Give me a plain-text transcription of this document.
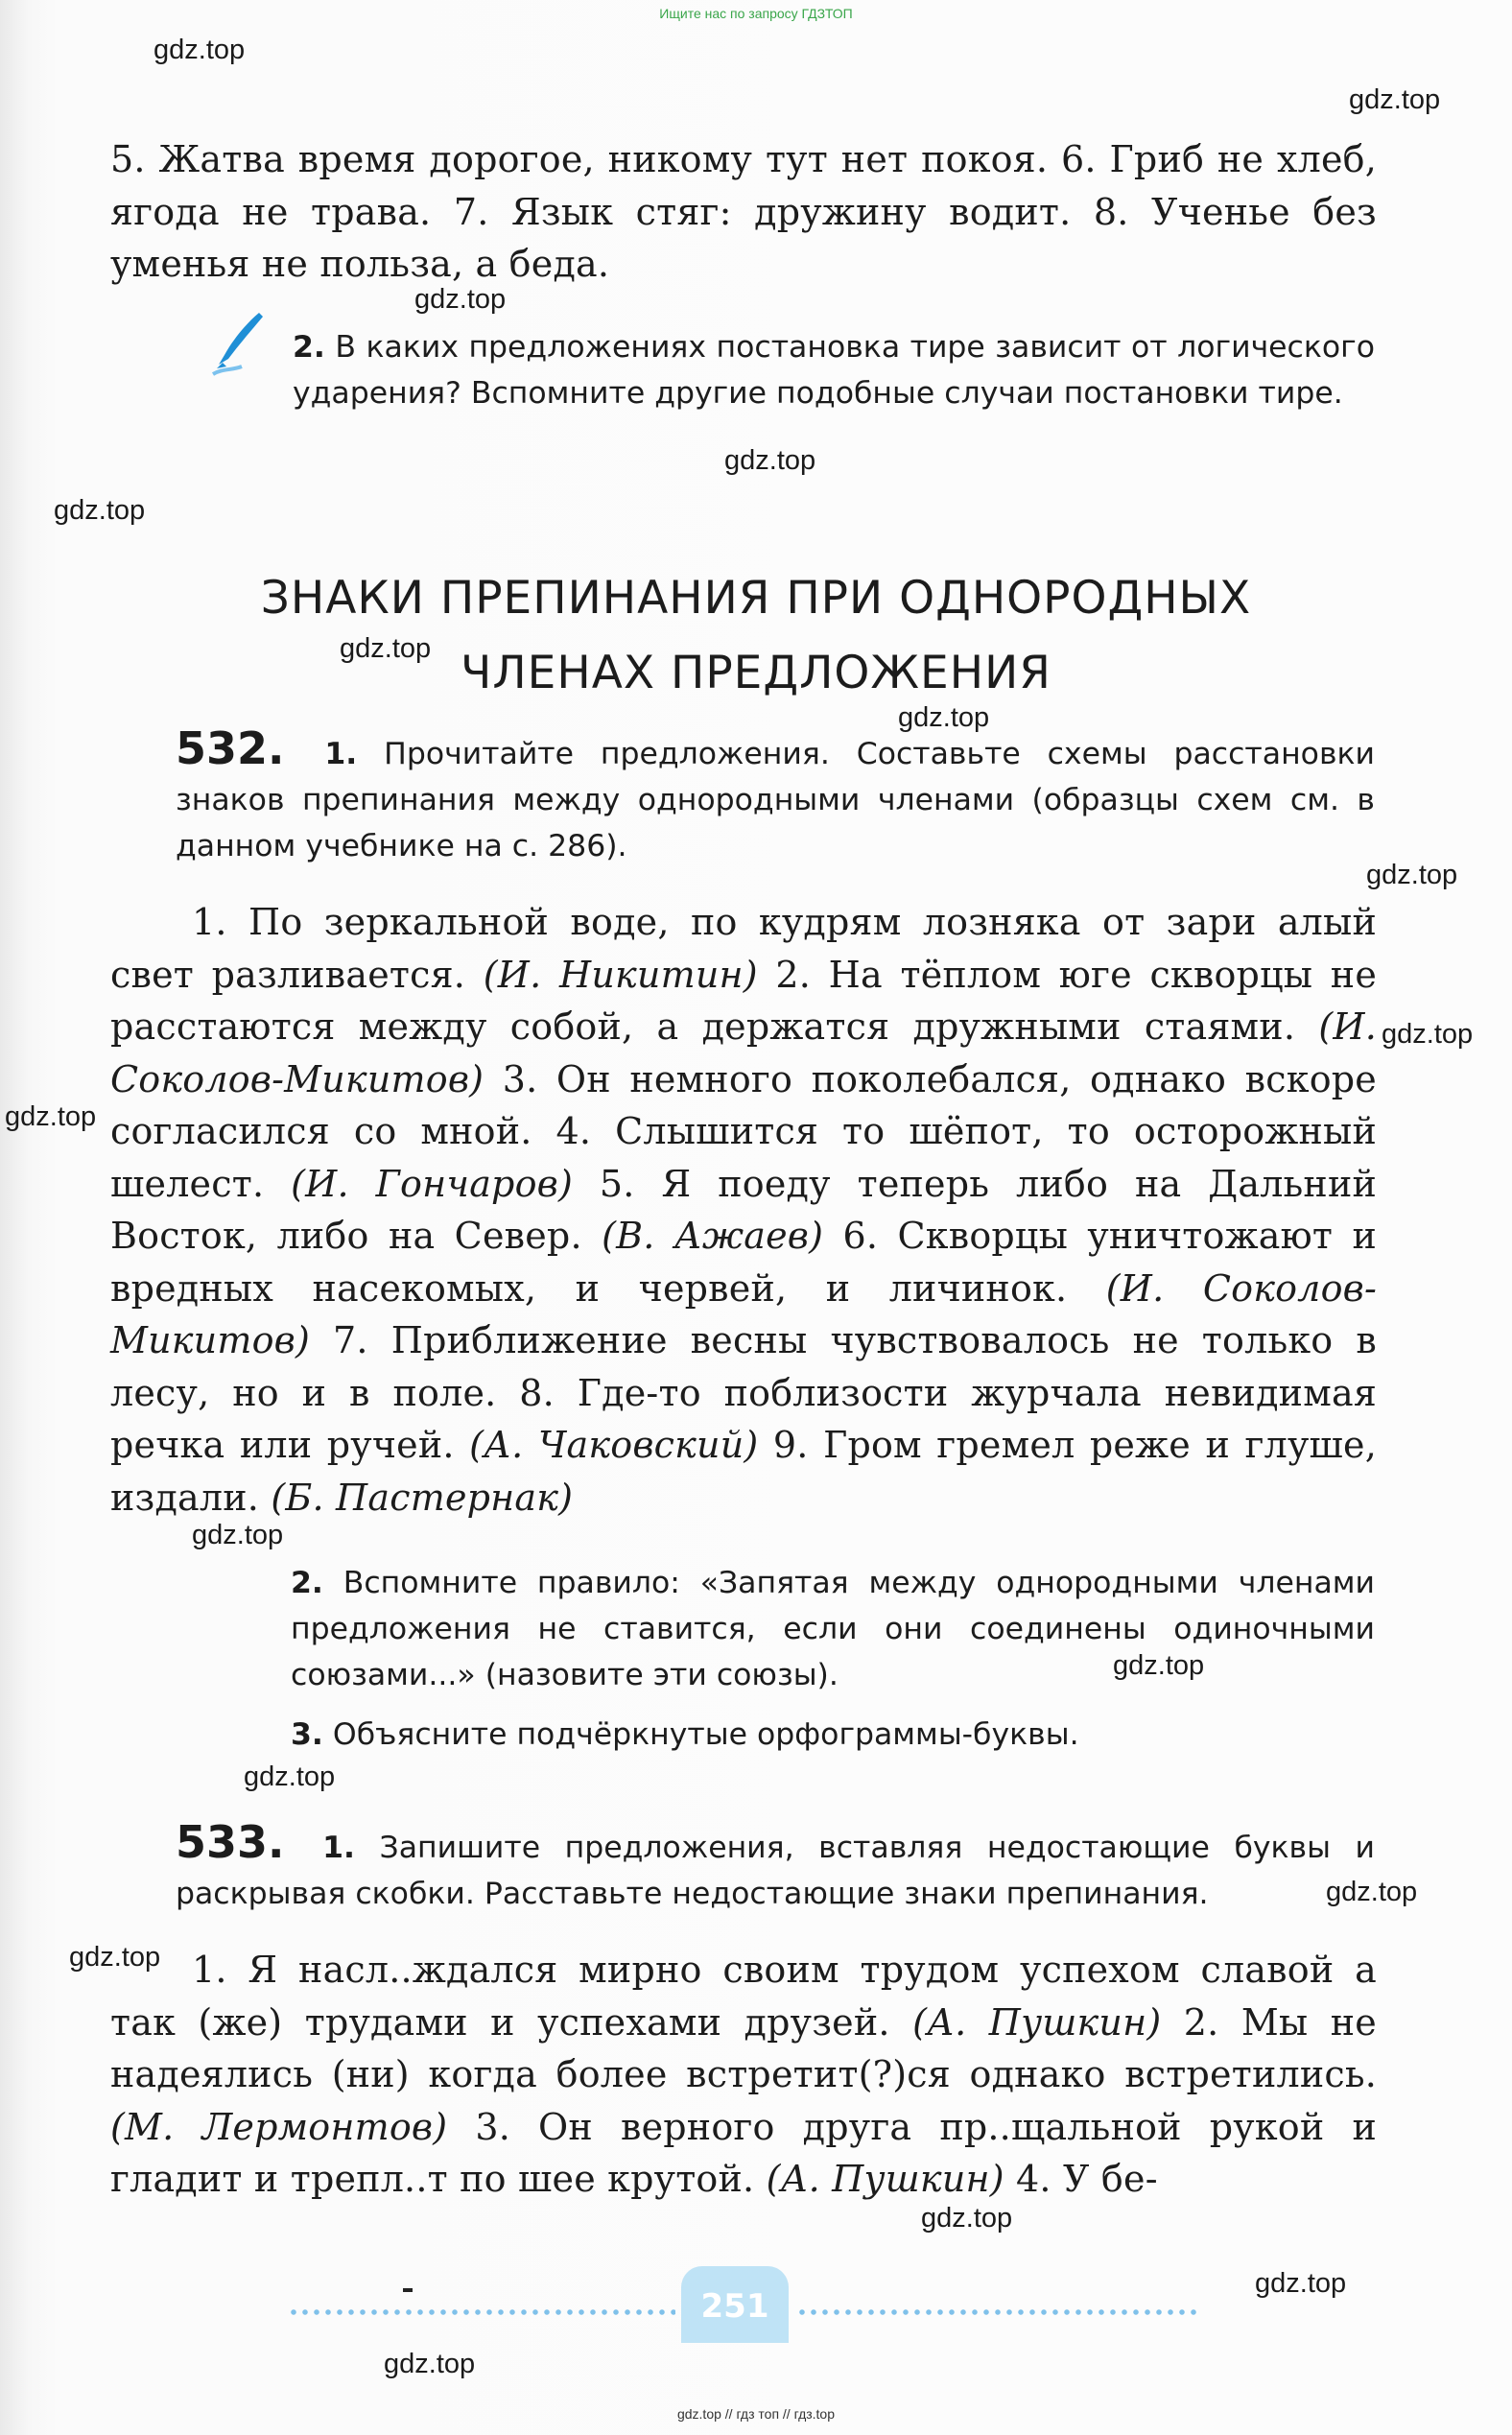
Ищите нас по запросу ГДЗТОП
gdz.top
gdz.top
gdz.top
gdz.top
gdz.top
gdz.top
gdz.top
gdz.top
gdz.top
gdz.top
gdz.top
gdz.top
gdz.top
gdz.top
gdz.top
gdz.top
gdz.top
gdz.top
5. Жатва время дорогое, никому тут нет покоя. 6. Гриб не хлеб, ягода не трава. 7. Язык стяг: дружину водит. 8. Ученье без уменья не польза, а беда.
2. В каких предложениях постановка тире зависит от логического ударения? Вспомните другие подобные случаи постановки тире.
ЗНАКИ ПРЕПИНАНИЯ ПРИ ОДНОРОДНЫХ
ЧЛЕНАХ ПРЕДЛОЖЕНИЯ
532. 1. Прочитайте предложения. Составьте схемы расстановки знаков препинания между однородными членами (образцы схем см. в данном учебнике на с. 286).
1. По зеркальной воде, по кудрям лозняка от зари алый свет разливается. (И. Никитин) 2. На тёплом юге скворцы не расстаются между собой, а держатся дружными стаями. (И. Соколов-Микитов) 3. Он немного поколебался, однако вскоре согласился со мной. 4. Слышится то шёпот, то осторожный шелест. (И. Гончаров) 5. Я поеду теперь либо на Дальний Восток, либо на Север. (В. Ажаев) 6. Скворцы уничтожают и вредных насекомых, и червей, и личинок. (И. Соколов-Микитов) 7. Приближение весны чувствовалось не только в лесу, но и в поле. 8. Где-то поблизости журчала невидимая речка или ручей. (А. Чаковский) 9. Гром гремел реже и глуше, издали. (Б. Пастернак)
2. Вспомните правило: «Запятая между однородными членами предложения не ставится, если они соединены одиночными союзами...» (назовите эти союзы).
3. Объясните подчёркнутые орфограммы-буквы.
533. 1. Запишите предложения, вставляя недостающие буквы и раскрывая скобки. Расставьте недостающие знаки препинания.
1. Я насл..ждался мирно своим трудом успехом славой а так (же) трудами и успехами друзей. (А. Пушкин) 2. Мы не надеялись (ни) когда более встретит(?)ся однако встретились. (М. Лермонтов) 3. Он верного друга пр..щальной рукой и гладит и трепл..т по шее крутой. (А. Пушкин) 4. У бе-
251
gdz.top // гдз топ // гдз.top
